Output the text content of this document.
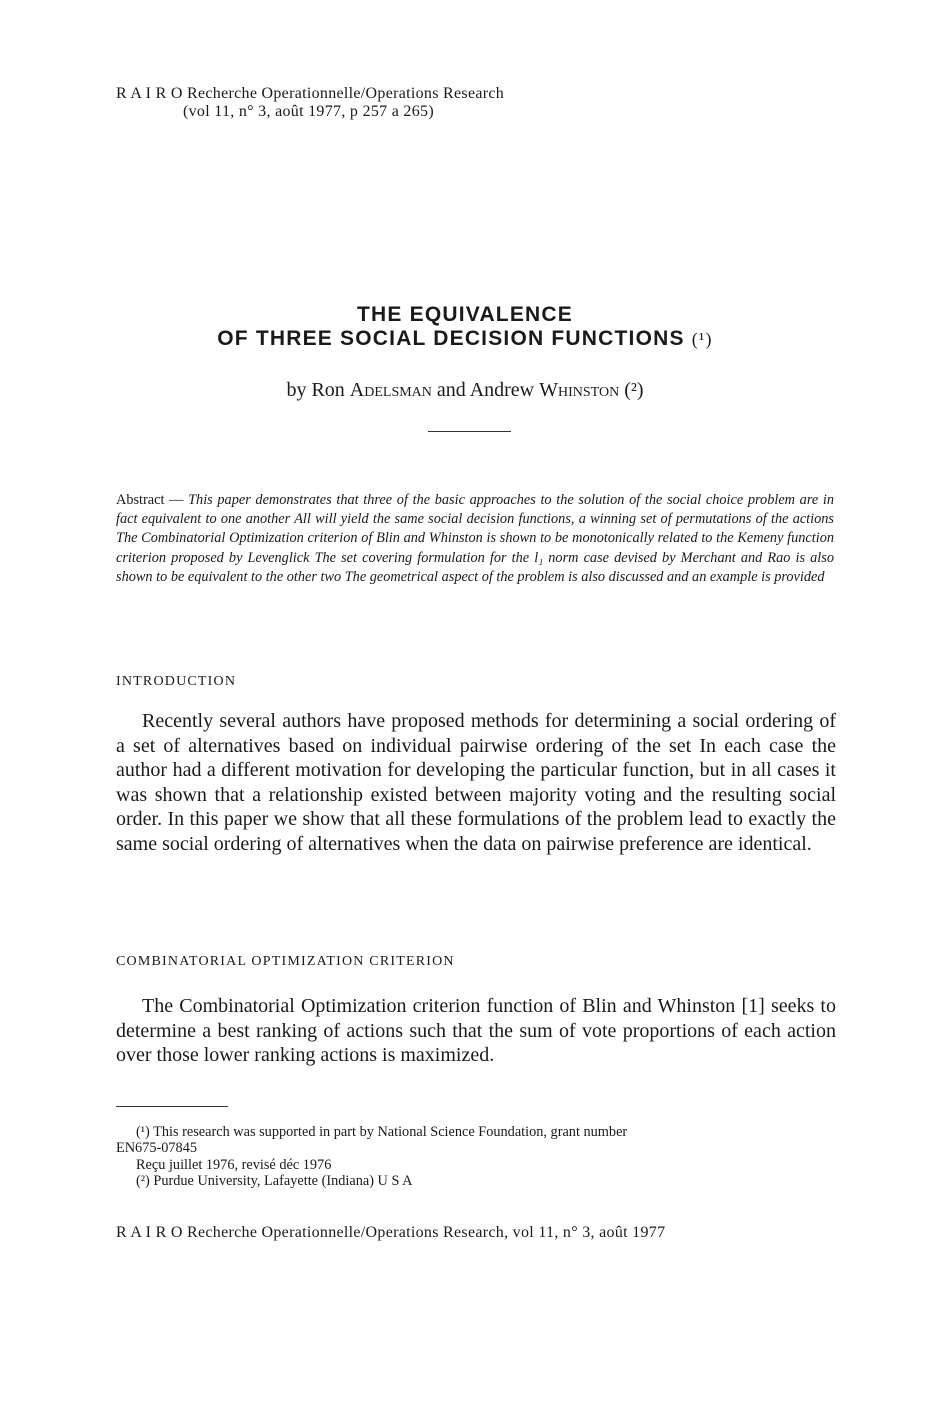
R A I R O Recherche Operationnelle/Operations Research
(vol 11, n° 3, août 1977, p 257 a 265)
THE EQUIVALENCE
OF THREE SOCIAL DECISION FUNCTIONS (¹)
by Ron Adelsman and Andrew Whinston (²)
Abstract — This paper demonstrates that three of the basic approaches to the solution of the social choice problem are in fact equivalent to one another All will yield the same social decision functions, a winning set of permutations of the actions The Combinatorial Optimization criterion of Blin and Whinston is shown to be monotonically related to the Kemeny function criterion proposed by Levenglick The set covering formulation for the l₁ norm case devised by Merchant and Rao is also shown to be equivalent to the other two The geometrical aspect of the problem is also discussed and an example is provided
INTRODUCTION

Recently several authors have proposed methods for determining a social ordering of a set of alternatives based on individual pairwise ordering of the set In each case the author had a different motivation for developing the particular function, but in all cases it was shown that a relationship existed between majority voting and the resulting social order. In this paper we show that all these formulations of the problem lead to exactly the same social ordering of alternatives when the data on pairwise preference are identical.

COMBINATORIAL OPTIMIZATION CRITERION

The Combinatorial Optimization criterion function of Blin and Whinston [1] seeks to determine a best ranking of actions such that the sum of vote proportions of each action over those lower ranking actions is maximized.

(¹) This research was supported in part by National Science Foundation, grant number
EN675-07845
Reçu juillet 1976, revisé déc 1976
(²) Purdue University, Lafayette (Indiana) U S A
R A I R O Recherche Operationnelle/Operations Research, vol 11, n° 3, août 1977
